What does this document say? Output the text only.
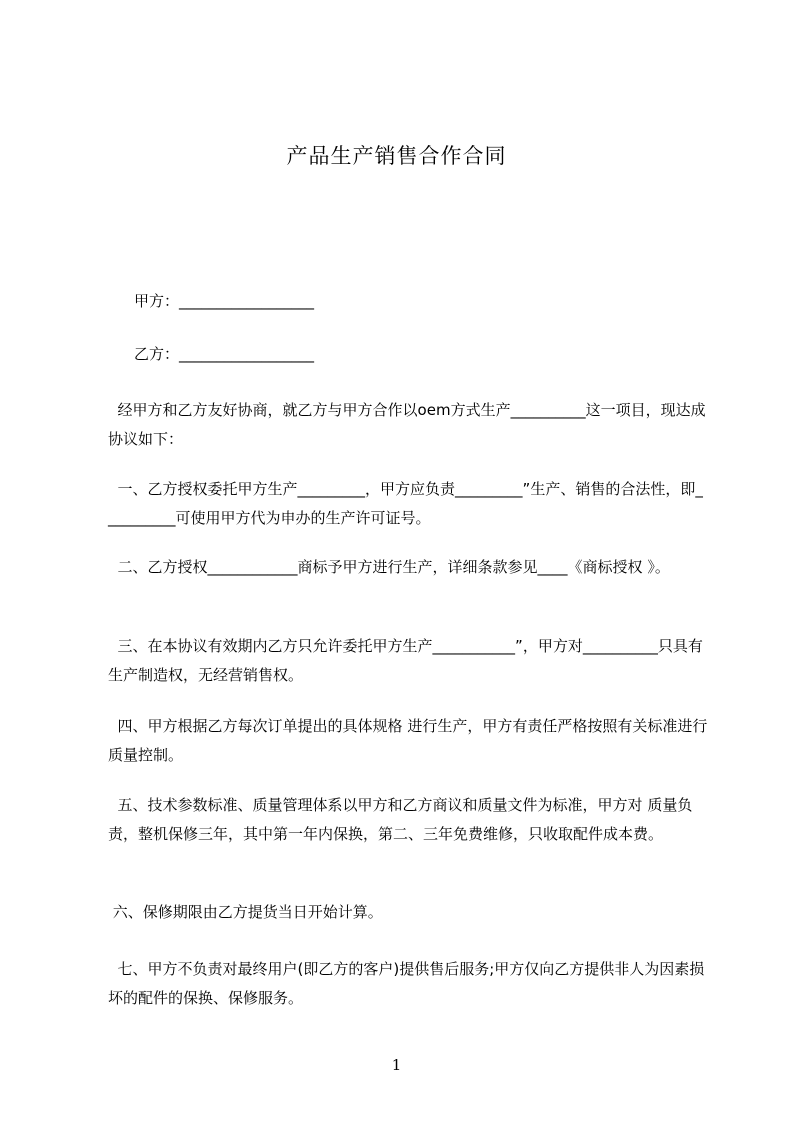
产品生产销售合作合同
甲方：__________________
乙方：__________________
经甲方和乙方友好协商，就乙方与甲方合作以oem方式生产__________这一项目，现达成协议如下：
一、乙方授权委托甲方生产_________，甲方应负责_________”生产、销售的合法性，即__________可使用甲方代为申办的生产许可证号。
二、乙方授权____________商标予甲方进行生产，详细条款参见____《商标授权 》。
三、在本协议有效期内乙方只允许委托甲方生产___________”，甲方对__________只具有生产制造权，无经营销售权。
四、甲方根据乙方每次订单提出的具体规格 进行生产，甲方有责任严格按照有关标准进行质量控制。
五、技术参数标准、质量管理体系以甲方和乙方商议和质量文件为标准，甲方对 质量负责，整机保修三年，其中第一年内保换，第二、三年免费维修，只收取配件成本费。
六、保修期限由乙方提货当日开始计算。
七、甲方不负责对最终用户(即乙方的客户)提供售后服务;甲方仅向乙方提供非人为因素损坏的配件的保换、保修服务。
1
